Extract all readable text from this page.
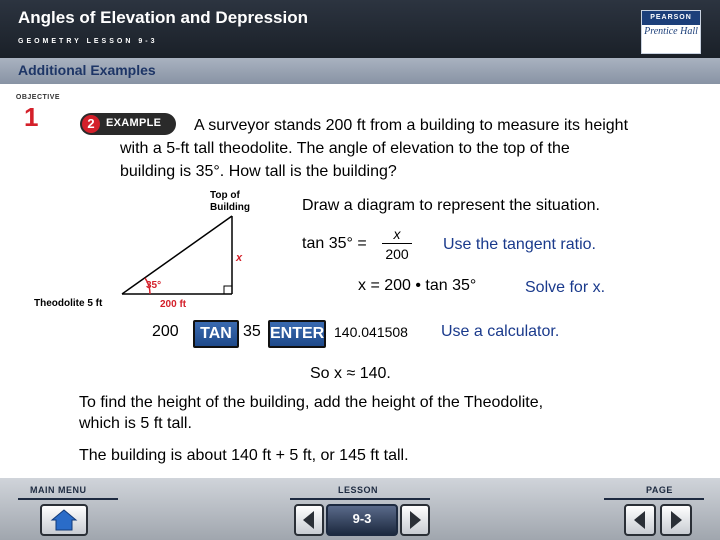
Angles of Elevation and Depression
GEOMETRY LESSON 9-3
PEARSON
Prentice Hall
Additional Examples
OBJECTIVE
1	2	EXAMPLE A surveyor stands 200 ft from a building to measure its height
with a 5-ft tall theodolite. The angle of elevation to the top of the
building is 35°. How tall is the building?
Top of
Building
x
35°
200 ft
Theodolite 5 ft
Draw a diagram to represent the situation.
tan 35° =
x
200
Use the tangent ratio.
x = 200 • tan 35°	Solve for x.
200	TAN 35 ENTER 140.041508 Use a calculator.
So x ≈ 140.
To find the height of the building, add the height of the Theodolite,
which is 5 ft tall.
The building is about 140 ft + 5 ft, or 145 ft tall.
MAIN MENU	LESSON
9-3
PAGE
